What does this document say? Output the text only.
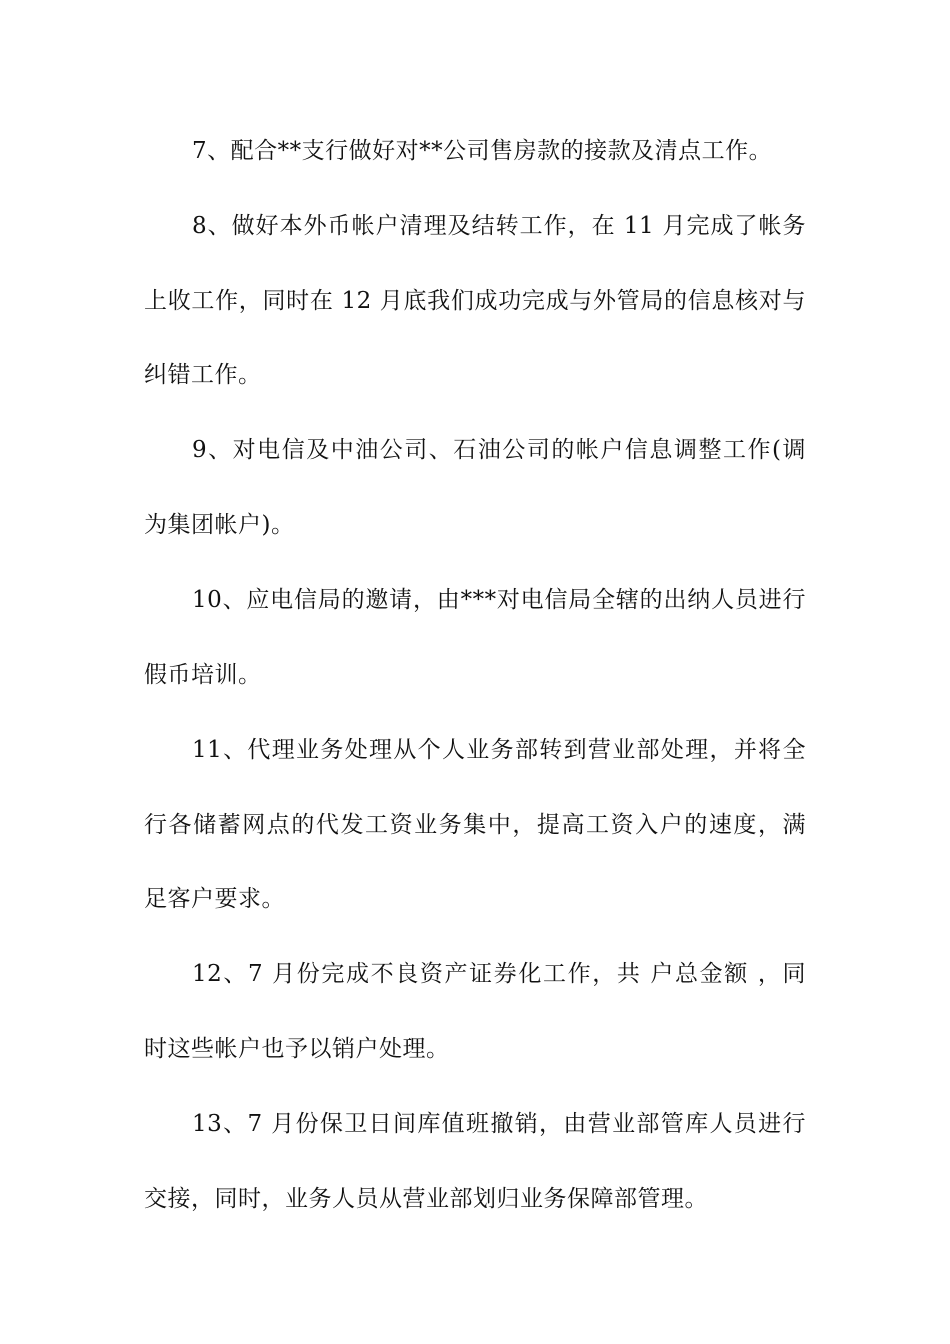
7、配合**支行做好对**公司售房款的接款及清点工作。
8、做好本外币帐户清理及结转工作，在 11 月完成了帐务
上收工作，同时在 12 月底我们成功完成与外管局的信息核对与
纠错工作。
9、对电信及中油公司、石油公司的帐户信息调整工作(调
为集团帐户)。
10、应电信局的邀请，由***对电信局全辖的出纳人员进行
假币培训。
11、代理业务处理从个人业务部转到营业部处理，并将全
行各储蓄网点的代发工资业务集中，提高工资入户的速度，满
足客户要求。
12、7 月份完成不良资产证券化工作，共 户总金额 ，同
时这些帐户也予以销户处理。
13、7 月份保卫日间库值班撤销，由营业部管库人员进行
交接，同时，业务人员从营业部划归业务保障部管理。
